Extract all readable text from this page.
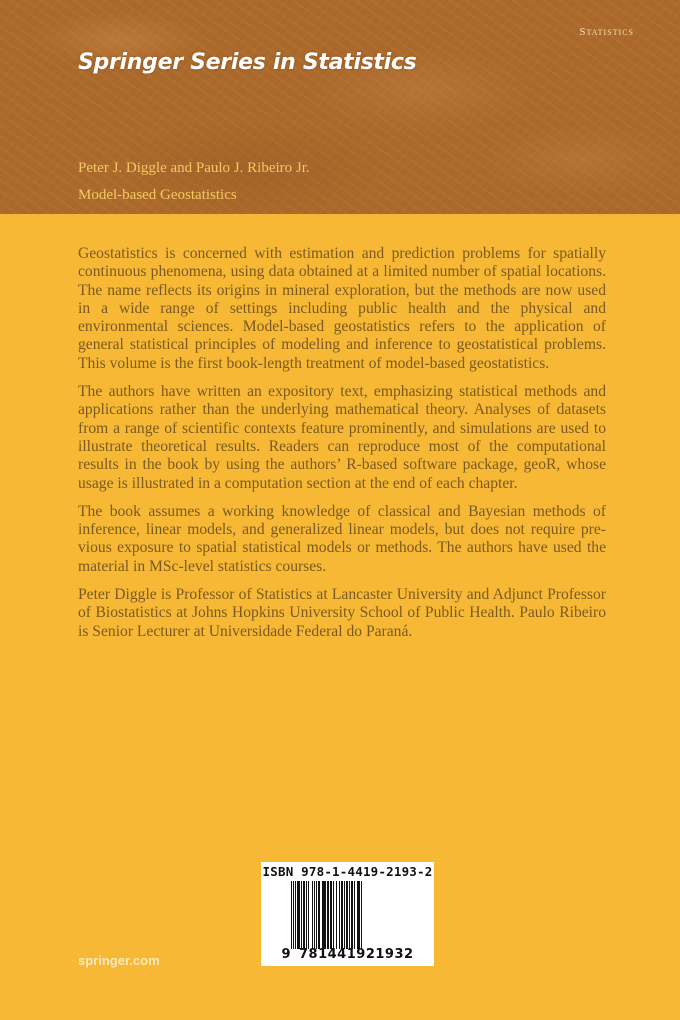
Statistics
Springer Series in Statistics
Peter J. Diggle and Paulo J. Ribeiro Jr.
Model-based Geostatistics

Geostatistics is concerned with estimation and prediction problems for spatially continuous phenomena, using data obtained at a limited number of spatial locations. The name reflects its origins in mineral exploration, but the methods are now used in a wide range of settings including public health and the physical and environmental sciences. Model-based geostatistics refers to the application of general statistical principles of modeling and inference to geostatistical problems. This volume is the first book-length treatment of model-based geostatistics.

The authors have written an expository text, emphasizing statistical methods and applications rather than the underlying mathematical theory. Analyses of datasets from a range of scientific contexts feature prominently, and simulations are used to illustrate theoretical results. Readers can reproduce most of the computational results in the book by using the authors’ R-based software package, geoR, whose usage is illustrated in a computation section at the end of each chapter.

The book assumes a working knowledge of classical and Bayesian methods of inference, linear models, and generalized linear models, but does not require previous exposure to spatial statistical models or methods. The authors have used the material in MSc-level statistics courses.

Peter Diggle is Professor of Statistics at Lancaster University and Adjunct Professor of Biostatistics at Johns Hopkins University School of Public Health. Paulo Ribeiro is Senior Lecturer at Universidade Federal do Paraná.

springer.com
ISBN 978-1-4419-2193-2
9 781441921932
